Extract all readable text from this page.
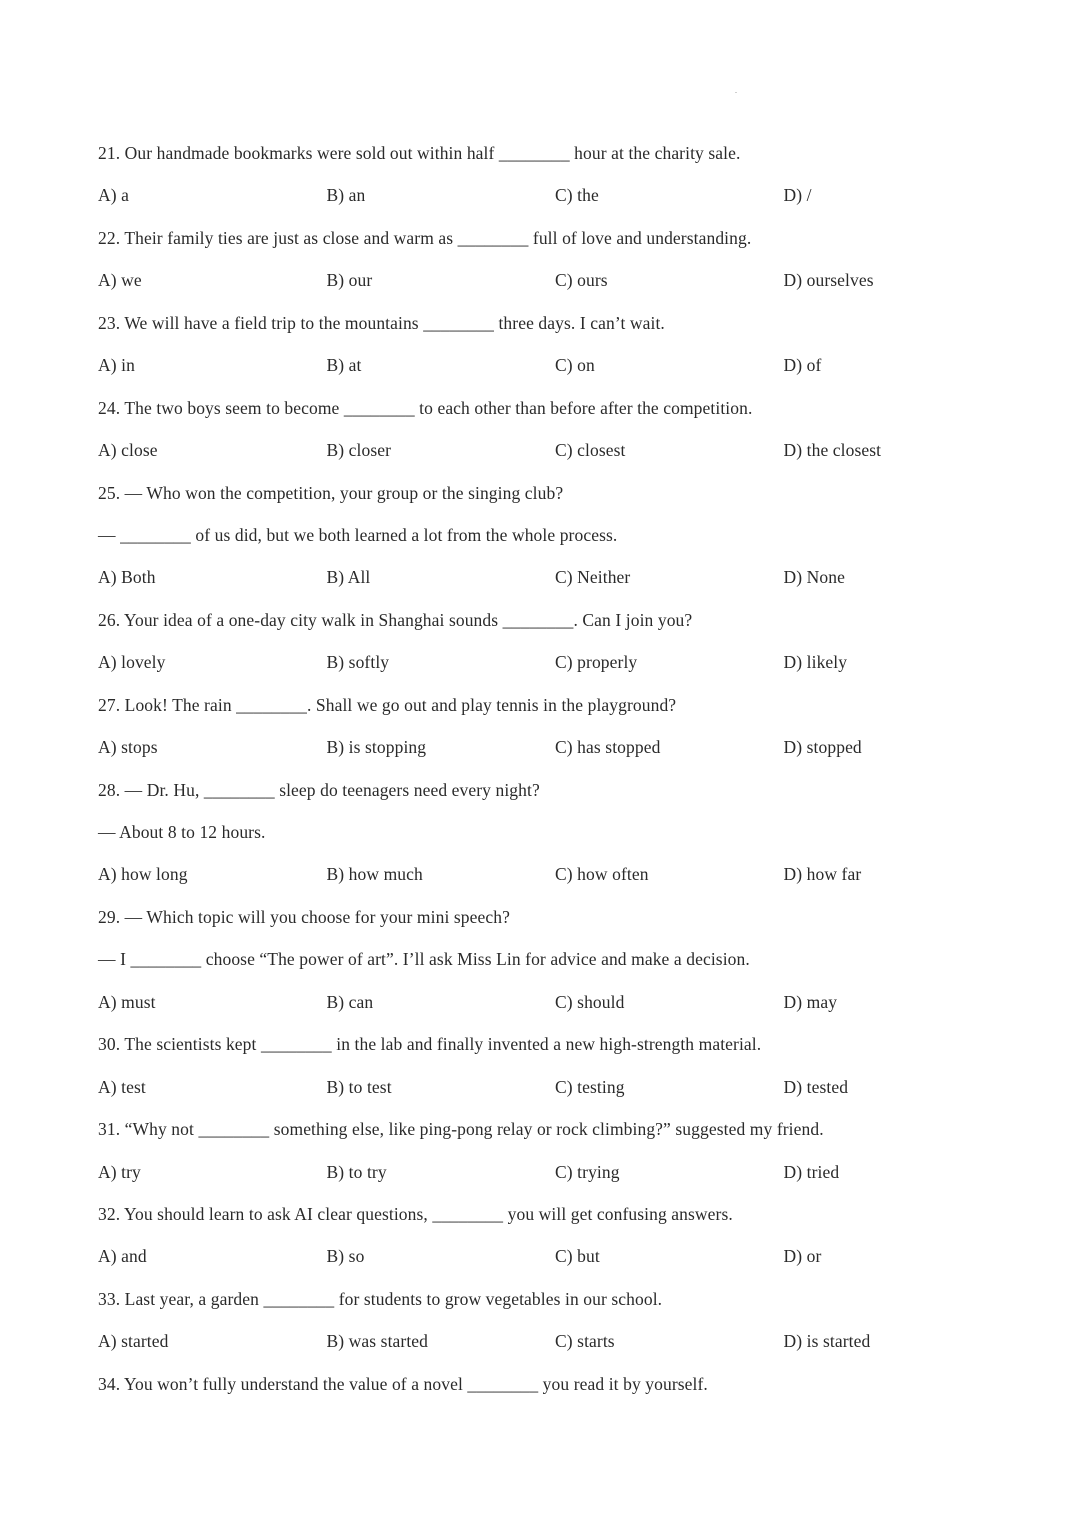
21. Our handmade bookmarks were sold out within half ________ hour at the charity sale.
A) a	B) an	C) the	D) /
22. Their family ties are just as close and warm as ________ full of love and understanding.
A) we	B) our	C) ours	D) ourselves
23. We will have a field trip to the mountains ________ three days. I can’t wait.
A) in	B) at	C) on	D) of
24. The two boys seem to become ________ to each other than before after the competition.
A) close	B) closer	C) closest	D) the closest
25. — Who won the competition, your group or the singing club?
— ________ of us did, but we both learned a lot from the whole process.
A) Both	B) All	C) Neither	D) None
26. Your idea of a one-day city walk in Shanghai sounds ________. Can I join you?
A) lovely	B) softly	C) properly	D) likely
27. Look! The rain ________. Shall we go out and play tennis in the playground?
A) stops	B) is stopping	C) has stopped	D) stopped
28. — Dr. Hu, ________ sleep do teenagers need every night?
— About 8 to 12 hours.
A) how long	B) how much	C) how often	D) how far
29. — Which topic will you choose for your mini speech?
— I ________ choose “The power of art”. I’ll ask Miss Lin for advice and make a decision.
A) must	B) can	C) should	D) may
30. The scientists kept ________ in the lab and finally invented a new high-strength material.
A) test	B) to test	C) testing	D) tested
31. “Why not ________ something else, like ping-pong relay or rock climbing?” suggested my friend.
A) try	B) to try	C) trying	D) tried
32. You should learn to ask AI clear questions, ________ you will get confusing answers.
A) and	B) so	C) but	D) or
33. Last year, a garden ________ for students to grow vegetables in our school.
A) started	B) was started	C) starts	D) is started
34. You won’t fully understand the value of a novel ________ you read it by yourself.
